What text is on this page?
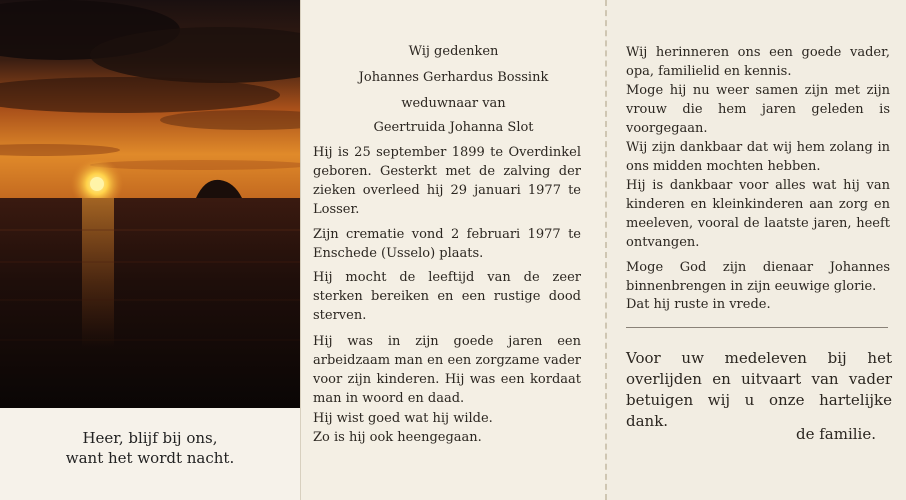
Heer, blijf bij ons,
want het wordt nacht.
Wij gedenken
Johannes Gerhardus Bossink
weduwnaar van
Geertruida Johanna Slot
Hij is 25 september 1899 te Overdinkel geboren. Gesterkt met de zalving der zieken overleed hij 29 januari 1977 te Losser.
Zijn crematie vond 2 februari 1977 te Enschede (Usselo) plaats.
Hij mocht de leeftijd van de zeer sterken bereiken en een rustige dood sterven.
Hij was in zijn goede jaren een arbeidzaam man en een zorgzame vader voor zijn kinderen. Hij was een kordaat man in woord en daad.
Hij wist goed wat hij wilde.
Zo is hij ook heengegaan.
Wij herinneren ons een goede vader, opa, familielid en kennis.
Moge hij nu weer samen zijn met zijn vrouw die hem jaren geleden is voorgegaan.
Wij zijn dankbaar dat wij hem zolang in ons midden mochten hebben.
Hij is dankbaar voor alles wat hij van kinderen en kleinkinderen aan zorg en meeleven, vooral de laatste jaren, heeft ontvangen.
Moge God zijn dienaar Johannes binnenbrengen in zijn eeuwige glorie.
Dat hij ruste in vrede.
Voor uw medeleven bij het overlijden en uitvaart van vader betuigen wij u onze hartelijke dank.
de familie.
